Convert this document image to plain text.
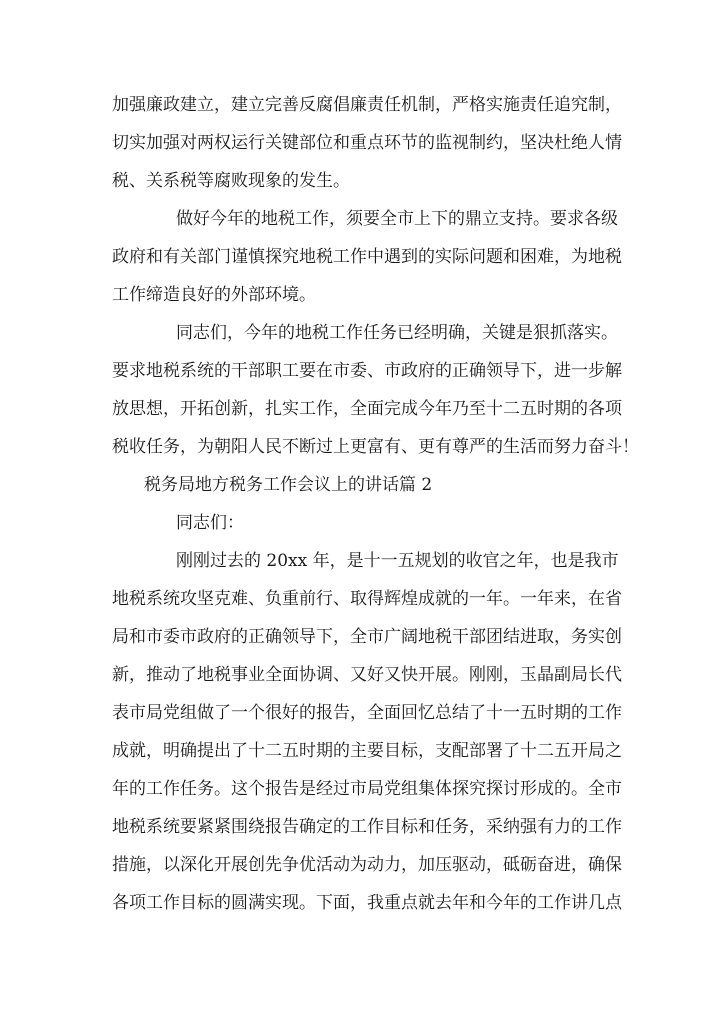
加强廉政建立，建立完善反腐倡廉责任机制，严格实施责任追究制，
切实加强对两权运行关键部位和重点环节的监视制约，坚决杜绝人情
税、关系税等腐败现象的发生。
做好今年的地税工作，须要全市上下的鼎立支持。要求各级
政府和有关部门谨慎探究地税工作中遇到的实际问题和困难，为地税
工作缔造良好的外部环境。
同志们，今年的地税工作任务已经明确，关键是狠抓落实。
要求地税系统的干部职工要在市委、市政府的正确领导下，进一步解
放思想，开拓创新，扎实工作，全面完成今年乃至十二五时期的各项
税收任务，为朝阳人民不断过上更富有、更有尊严的生活而努力奋斗！
税务局地方税务工作会议上的讲话篇 2
同志们：
刚刚过去的 20xx 年，是十一五规划的收官之年，也是我市
地税系统攻坚克难、负重前行、取得辉煌成就的一年。一年来，在省
局和市委市政府的正确领导下，全市广阔地税干部团结进取，务实创
新，推动了地税事业全面协调、又好又快开展。刚刚，玉晶副局长代
表市局党组做了一个很好的报告，全面回忆总结了十一五时期的工作
成就，明确提出了十二五时期的主要目标，支配部署了十二五开局之
年的工作任务。这个报告是经过市局党组集体探究探讨形成的。全市
地税系统要紧紧围绕报告确定的工作目标和任务，采纳强有力的工作
措施，以深化开展创先争优活动为动力，加压驱动，砥砺奋进，确保
各项工作目标的圆满实现。下面，我重点就去年和今年的工作讲几点
